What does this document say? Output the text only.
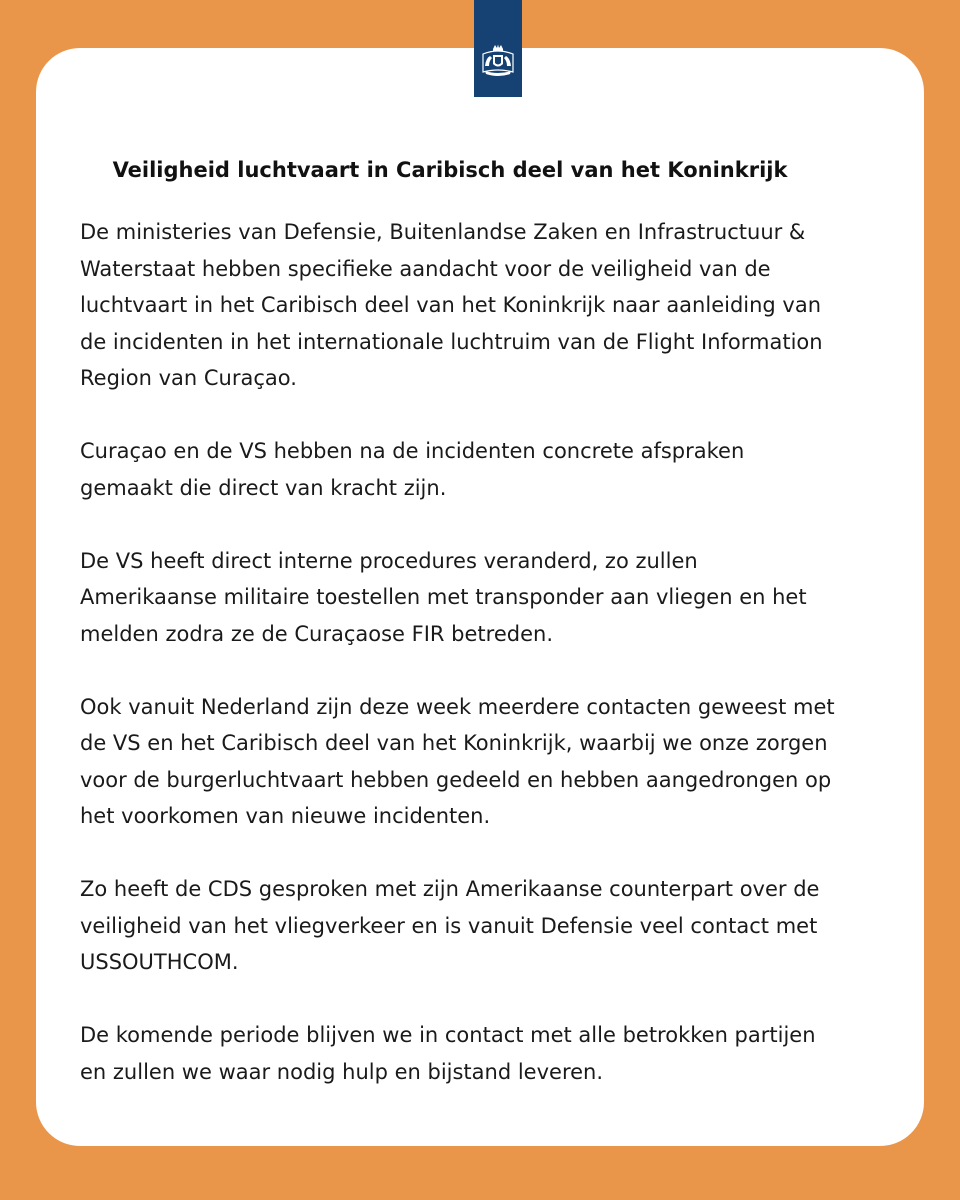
Veiligheid luchtvaart in Caribisch deel van het Koninkrijk

De ministeries van Defensie, Buitenlandse Zaken en Infrastructuur &
Waterstaat hebben specifieke aandacht voor de veiligheid van de
luchtvaart in het Caribisch deel van het Koninkrijk naar aanleiding van
de incidenten in het internationale luchtruim van de Flight Information
Region van Curaçao.

Curaçao en de VS hebben na de incidenten concrete afspraken
gemaakt die direct van kracht zijn.

De VS heeft direct interne procedures veranderd, zo zullen
Amerikaanse militaire toestellen met transponder aan vliegen en het
melden zodra ze de Curaçaose FIR betreden.

Ook vanuit Nederland zijn deze week meerdere contacten geweest met
de VS en het Caribisch deel van het Koninkrijk, waarbij we onze zorgen
voor de burgerluchtvaart hebben gedeeld en hebben aangedrongen op
het voorkomen van nieuwe incidenten.

Zo heeft de CDS gesproken met zijn Amerikaanse counterpart over de
veiligheid van het vliegverkeer en is vanuit Defensie veel contact met
USSOUTHCOM.

De komende periode blijven we in contact met alle betrokken partijen
en zullen we waar nodig hulp en bijstand leveren.
